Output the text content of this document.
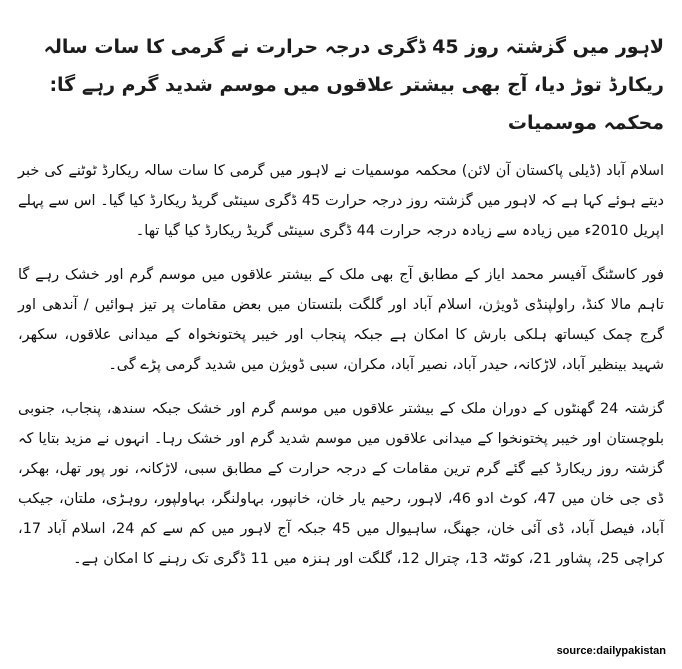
لاہور میں گزشتہ روز 45 ڈگری درجہ حرارت نے گرمی کا سات سالہ ریکارڈ توڑ دیا، آج بھی بیشتر علاقوں میں موسم شدید گرم رہے گا: محکمہ موسمیات

اسلام آباد (ڈیلی پاکستان آن لائن) محکمہ موسمیات نے لاہور میں گرمی کا سات سالہ ریکارڈ ٹوٹنے کی خبر دیتے ہوئے کہا ہے کہ لاہور میں گزشتہ روز درجہ حرارت 45 ڈگری سینٹی گریڈ ریکارڈ کیا گیا۔ اس سے پہلے اپریل 2010ء میں زیادہ سے زیادہ درجہ حرارت 44 ڈگری سینٹی گریڈ ریکارڈ کیا گیا تھا۔

فور کاسٹنگ آفیسر محمد ایاز کے مطابق آج بھی ملک کے بیشتر علاقوں میں موسم گرم اور خشک رہے گا تاہم مالا کنڈ، راولپنڈی ڈویژن، اسلام آباد اور گلگت بلتستان میں بعض مقامات پر تیز ہوائیں / آندھی اور گرج چمک کیساتھ ہلکی بارش کا امکان ہے جبکہ پنجاب اور خیبر پختونخواہ کے میدانی علاقوں، سکھر، شہید بینظیر آباد، لاڑکانہ، حیدر آباد، نصیر آباد، مکران، سبی ڈویژن میں شدید گرمی پڑے گی۔

گزشتہ 24 گھنٹوں کے دوران ملک کے بیشتر علاقوں میں موسم گرم اور خشک جبکہ سندھ، پنجاب، جنوبی بلوچستان اور خیبر پختونخوا کے میدانی علاقوں میں موسم شدید گرم اور خشک رہا۔ انہوں نے مزید بتایا کہ گزشتہ روز ریکارڈ کیے گئے گرم ترین مقامات کے درجہ حرارت کے مطابق سبی، لاڑکانہ، نور پور تھل، بھکر، ڈی جی خان میں 47، کوٹ ادو 46، لاہور، رحیم یار خان، خانپور، بہاولنگر، بہاولپور، روہڑی، ملتان، جیکب آباد، فیصل آباد، ڈی آئی خان، جھنگ، ساہیوال میں 45 جبکہ آج لاہور میں کم سے کم 24، اسلام آباد 17، کراچی 25، پشاور 21، کوئٹہ 13، چترال 12، گلگت اور ہنزہ میں 11 ڈگری تک رہنے کا امکان ہے۔

source:dailypakistan
